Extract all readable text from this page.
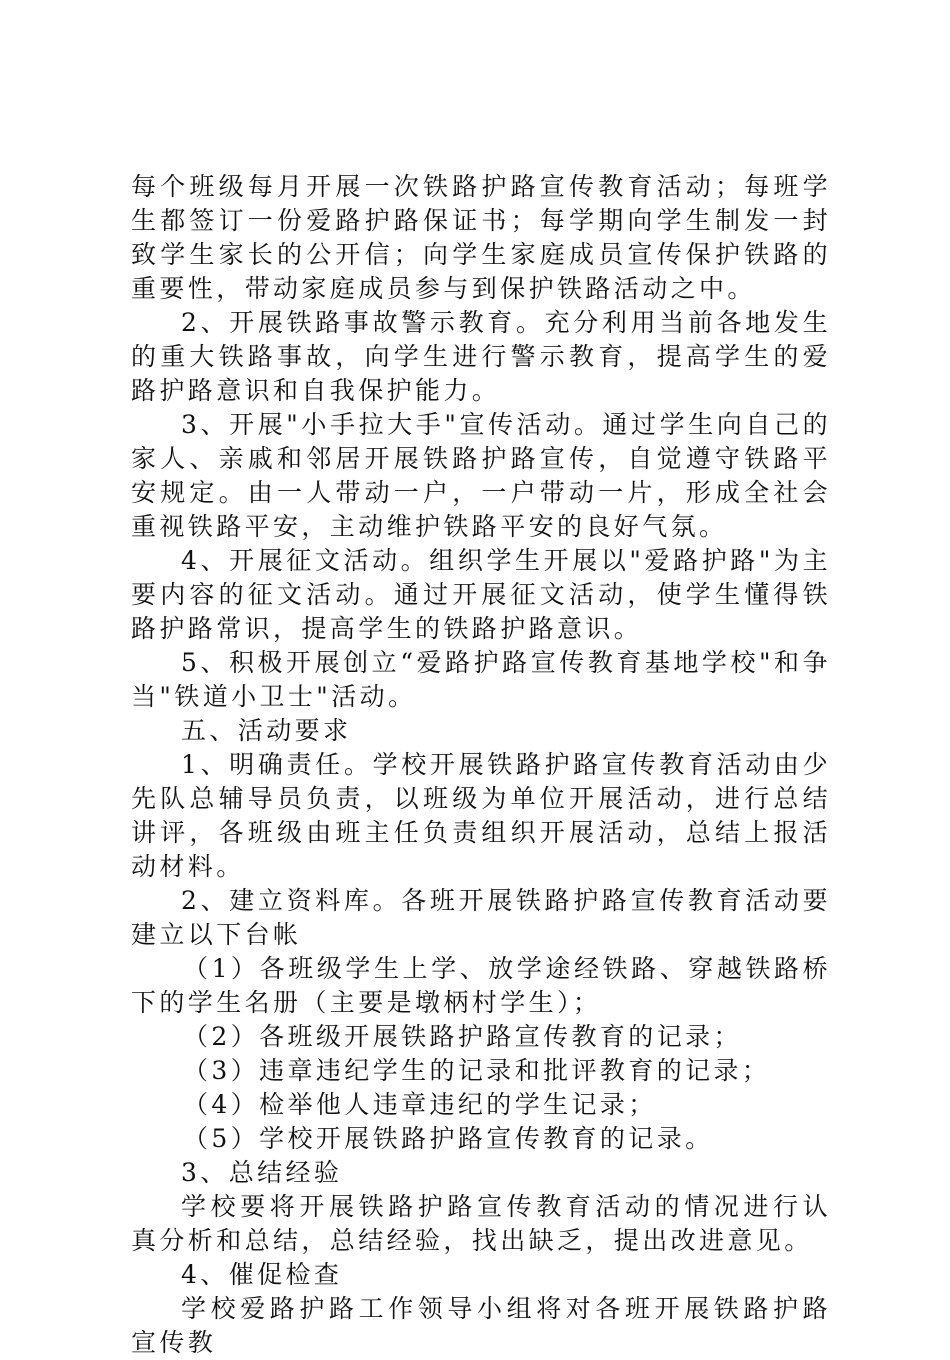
每个班级每月开展一次铁路护路宣传教育活动；每班学生都签订一份爱路护路保证书；每学期向学生制发一封致学生家长的公开信；向学生家庭成员宣传保护铁路的重要性，带动家庭成员参与到保护铁路活动之中。

2、开展铁路事故警示教育。充分利用当前各地发生的重大铁路事故，向学生进行警示教育，提高学生的爱路护路意识和自我保护能力。

3、开展"小手拉大手"宣传活动。通过学生向自己的家人、亲戚和邻居开展铁路护路宣传，自觉遵守铁路平安规定。由一人带动一户，一户带动一片，形成全社会重视铁路平安，主动维护铁路平安的良好气氛。

4、开展征文活动。组织学生开展以"爱路护路"为主要内容的征文活动。通过开展征文活动，使学生懂得铁路护路常识，提高学生的铁路护路意识。

5、积极开展创立“爱路护路宣传教育基地学校"和争当"铁道小卫士"活动。

五、活动要求

1、明确责任。学校开展铁路护路宣传教育活动由少先队总辅导员负责，以班级为单位开展活动，进行总结讲评，各班级由班主任负责组织开展活动，总结上报活动材料。

2、建立资料库。各班开展铁路护路宣传教育活动要建立以下台帐

（1）各班级学生上学、放学途经铁路、穿越铁路桥下的学生名册（主要是墩柄村学生）；

（2）各班级开展铁路护路宣传教育的记录；

（3）违章违纪学生的记录和批评教育的记录；

（4）检举他人违章违纪的学生记录；

（5）学校开展铁路护路宣传教育的记录。

3、总结经验

学校要将开展铁路护路宣传教育活动的情况进行认真分析和总结，总结经验，找出缺乏，提出改进意见。

4、催促检查

学校爱路护路工作领导小组将对各班开展铁路护路宣传教
